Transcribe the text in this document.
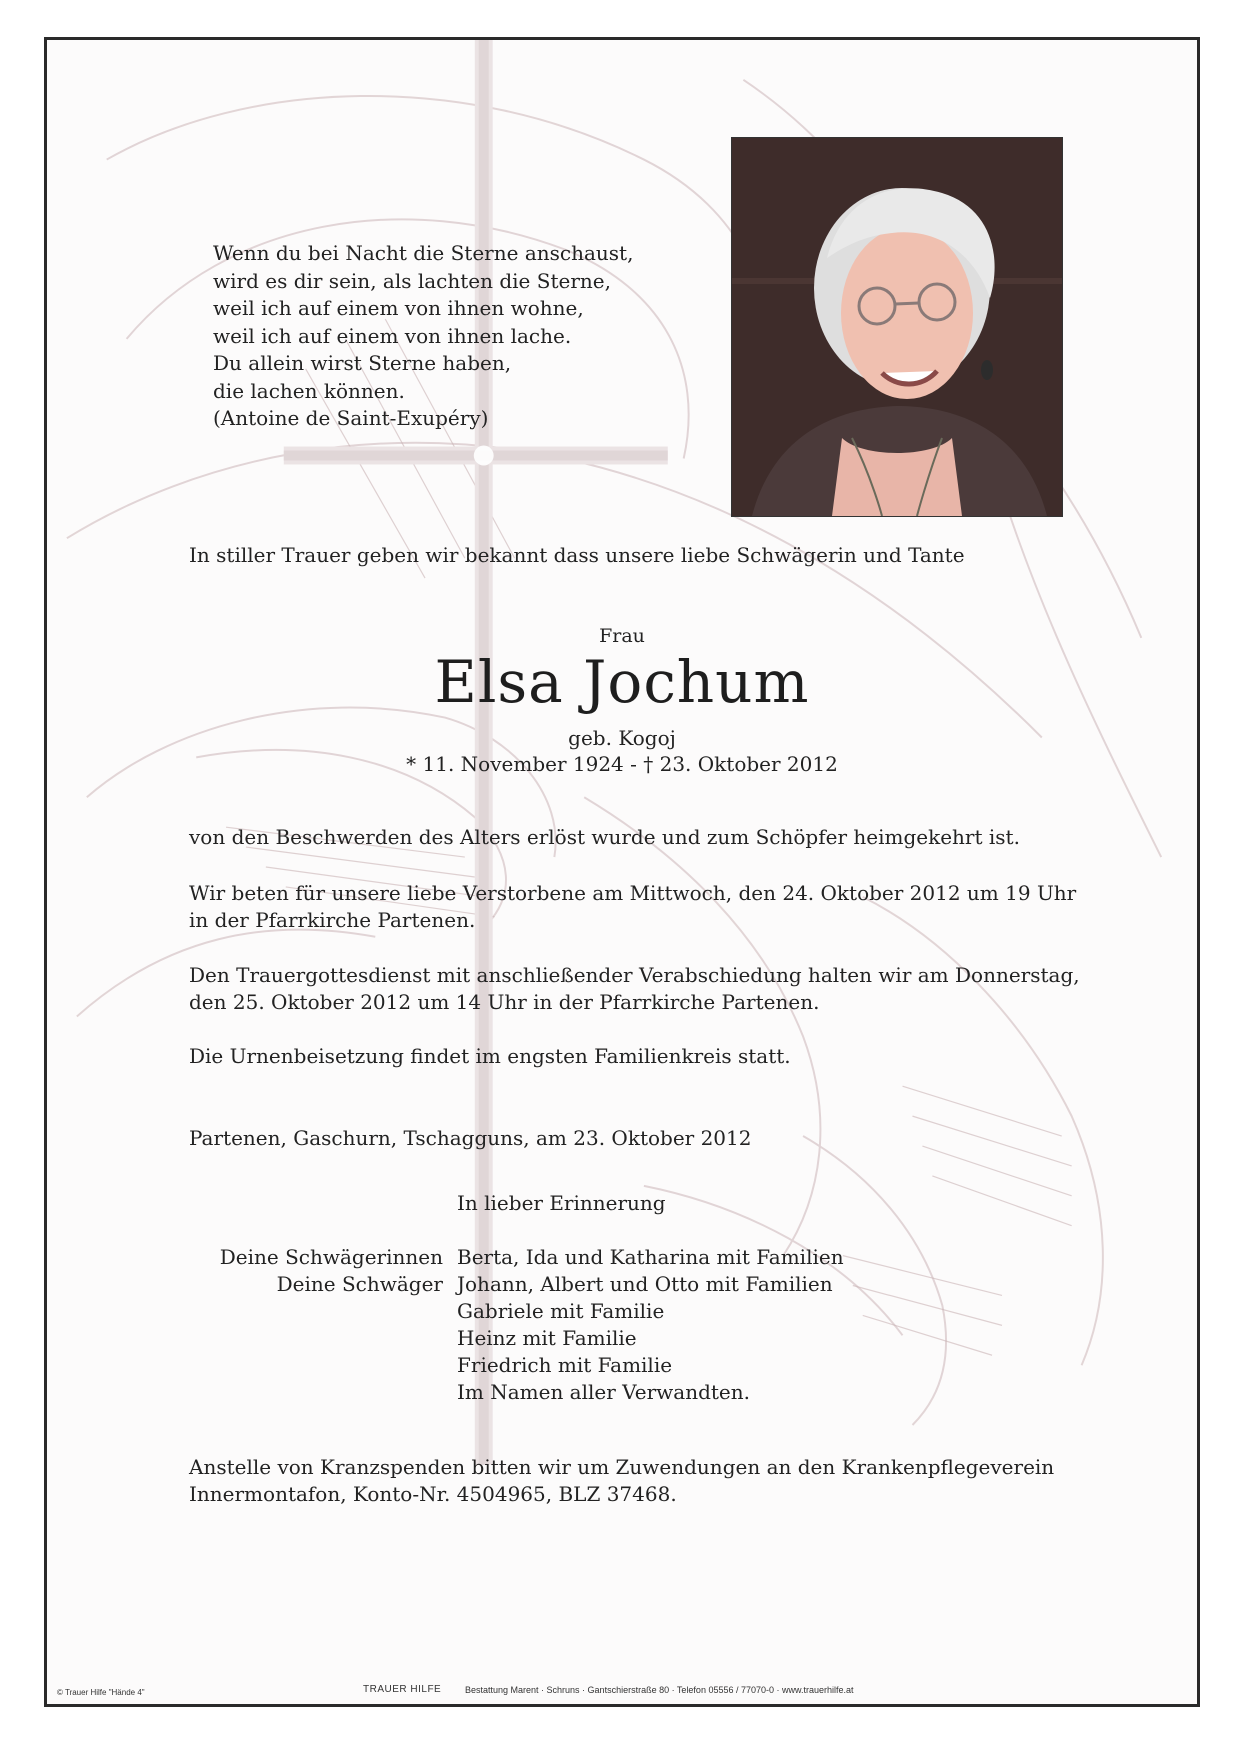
Wenn du bei Nacht die Sterne anschaust,
wird es dir sein, als lachten die Sterne,
weil ich auf einem von ihnen wohne,
weil ich auf einem von ihnen lache.
Du allein wirst Sterne haben,
die lachen können.
(Antoine de Saint-Exupéry)
In stiller Trauer geben wir bekannt dass unsere liebe Schwägerin und Tante
Frau
Elsa Jochum
geb. Kogoj
* 11. November 1924 - † 23. Oktober 2012
von den Beschwerden des Alters erlöst wurde und zum Schöpfer heimgekehrt ist.
Wir beten für unsere liebe Verstorbene am Mittwoch, den 24. Oktober 2012 um 19 Uhr
in der Pfarrkirche Partenen.
Den Trauergottesdienst mit anschließender Verabschiedung halten wir am Donnerstag,
den 25. Oktober 2012 um 14 Uhr in der Pfarrkirche Partenen.
Die Urnenbeisetzung findet im engsten Familienkreis statt.
Partenen, Gaschurn, Tschagguns, am 23. Oktober 2012
In lieber Erinnerung
Deine Schwägerinnen
Deine Schwäger
Berta, Ida und Katharina mit Familien
Johann, Albert und Otto mit Familien
Gabriele mit Familie
Heinz mit Familie
Friedrich mit Familie
Im Namen aller Verwandten.
Anstelle von Kranzspenden bitten wir um Zuwendungen an den Krankenpflegeverein
Innermontafon, Konto-Nr. 4504965, BLZ 37468.
© Trauer Hilfe "Hände 4"	TRAUER HILFE	Bestattung Marent · Schruns · Gantschierstraße 80 · Telefon 05556 / 77070-0 · www.trauerhilfe.at
